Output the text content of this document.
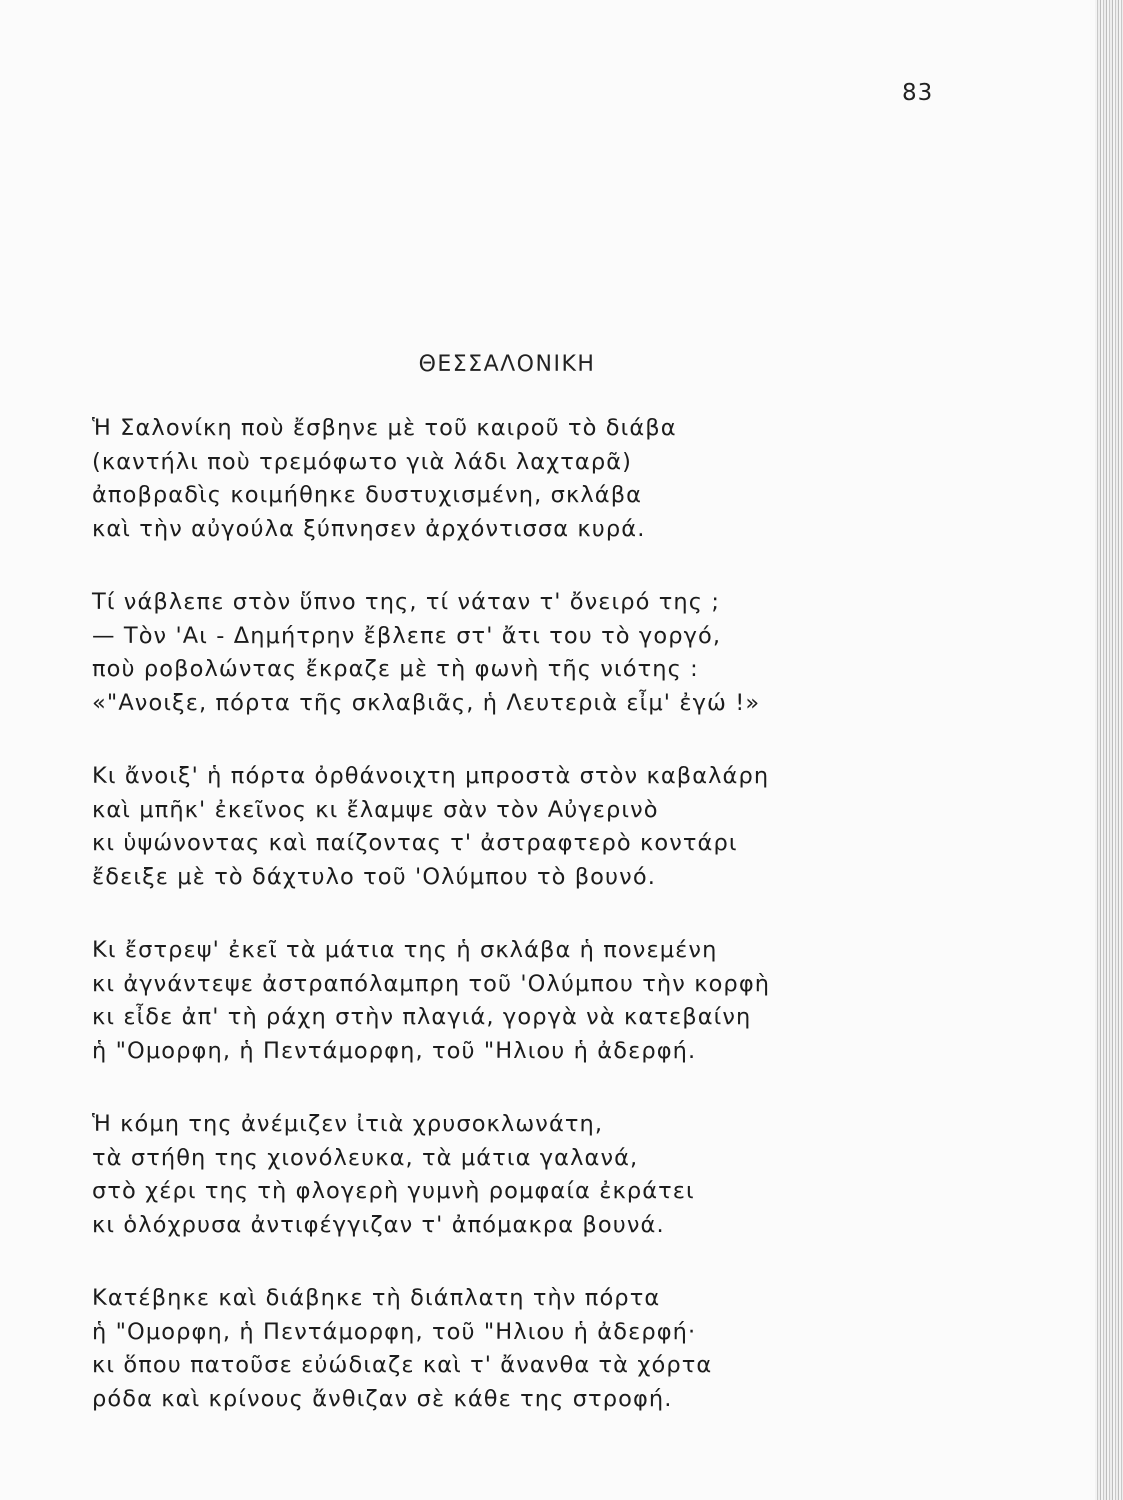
83
ΘΕΣΣΑΛΟΝΙΚΗ
Ἡ Σαλονίκη ποὺ ἔσβηνε μὲ τοῦ καιροῦ τὸ διάβα
(καντήλι ποὺ τρεμόφωτο γιὰ λάδι λαχταρᾶ)
ἀποβραδὶς κοιμήθηκε δυστυχισμένη, σκλάβα
καὶ τὴν αὐγούλα ξύπνησεν ἀρχόντισσα κυρά.
Τί νάβλεπε στὸν ὕπνο της, τί νάταν τ' ὄνειρό της ;
— Τὸν 'Αι - Δημήτρην ἔβλεπε στ' ἄτι του τὸ γοργό,
ποὺ ροβολώντας ἔκραζε μὲ τὴ φωνὴ τῆς νιότης :
«"Ανοιξε, πόρτα τῆς σκλαβιᾶς, ἡ Λευτεριὰ εἶμ' ἐγώ !»
Κι ἄνοιξ' ἡ πόρτα ὀρθάνοιχτη μπροστὰ στὸν καβαλάρη
καὶ μπῆκ' ἐκεῖνος κι ἔλαμψε σὰν τὸν Αὐγερινὸ
κι ὑψώνοντας καὶ παίζοντας τ' ἀστραφτερὸ κοντάρι
ἔδειξε μὲ τὸ δάχτυλο τοῦ 'Ολύμπου τὸ βουνό.
Κι ἔστρεψ' ἐκεῖ τὰ μάτια της ἡ σκλάβα ἡ πονεμένη
κι ἀγνάντεψε ἀστραπόλαμπρη τοῦ 'Ολύμπου τὴν κορφὴ
κι εἶδε ἀπ' τὴ ράχη στὴν πλαγιά, γοργὰ νὰ κατεβαίνη
ἡ "Ομορφη, ἡ Πεντάμορφη, τοῦ "Ηλιου ἡ ἀδερφή.
Ἡ κόμη της ἀνέμιζεν ἰτιὰ χρυσοκλωνάτη,
τὰ στήθη της χιονόλευκα, τὰ μάτια γαλανά,
στὸ χέρι της τὴ φλογερὴ γυμνὴ ρομφαία ἐκράτει
κι ὁλόχρυσα ἀντιφέγγιζαν τ' ἀπόμακρα βουνά.
Κατέβηκε καὶ διάβηκε τὴ διάπλατη τὴν πόρτα
ἡ "Ομορφη, ἡ Πεντάμορφη, τοῦ "Ηλιου ἡ ἀδερφή·
κι ὅπου πατοῦσε εὐώδιαζε καὶ τ' ἄνανθα τὰ χόρτα
ρόδα καὶ κρίνους ἄνθιζαν σὲ κάθε της στροφή.
